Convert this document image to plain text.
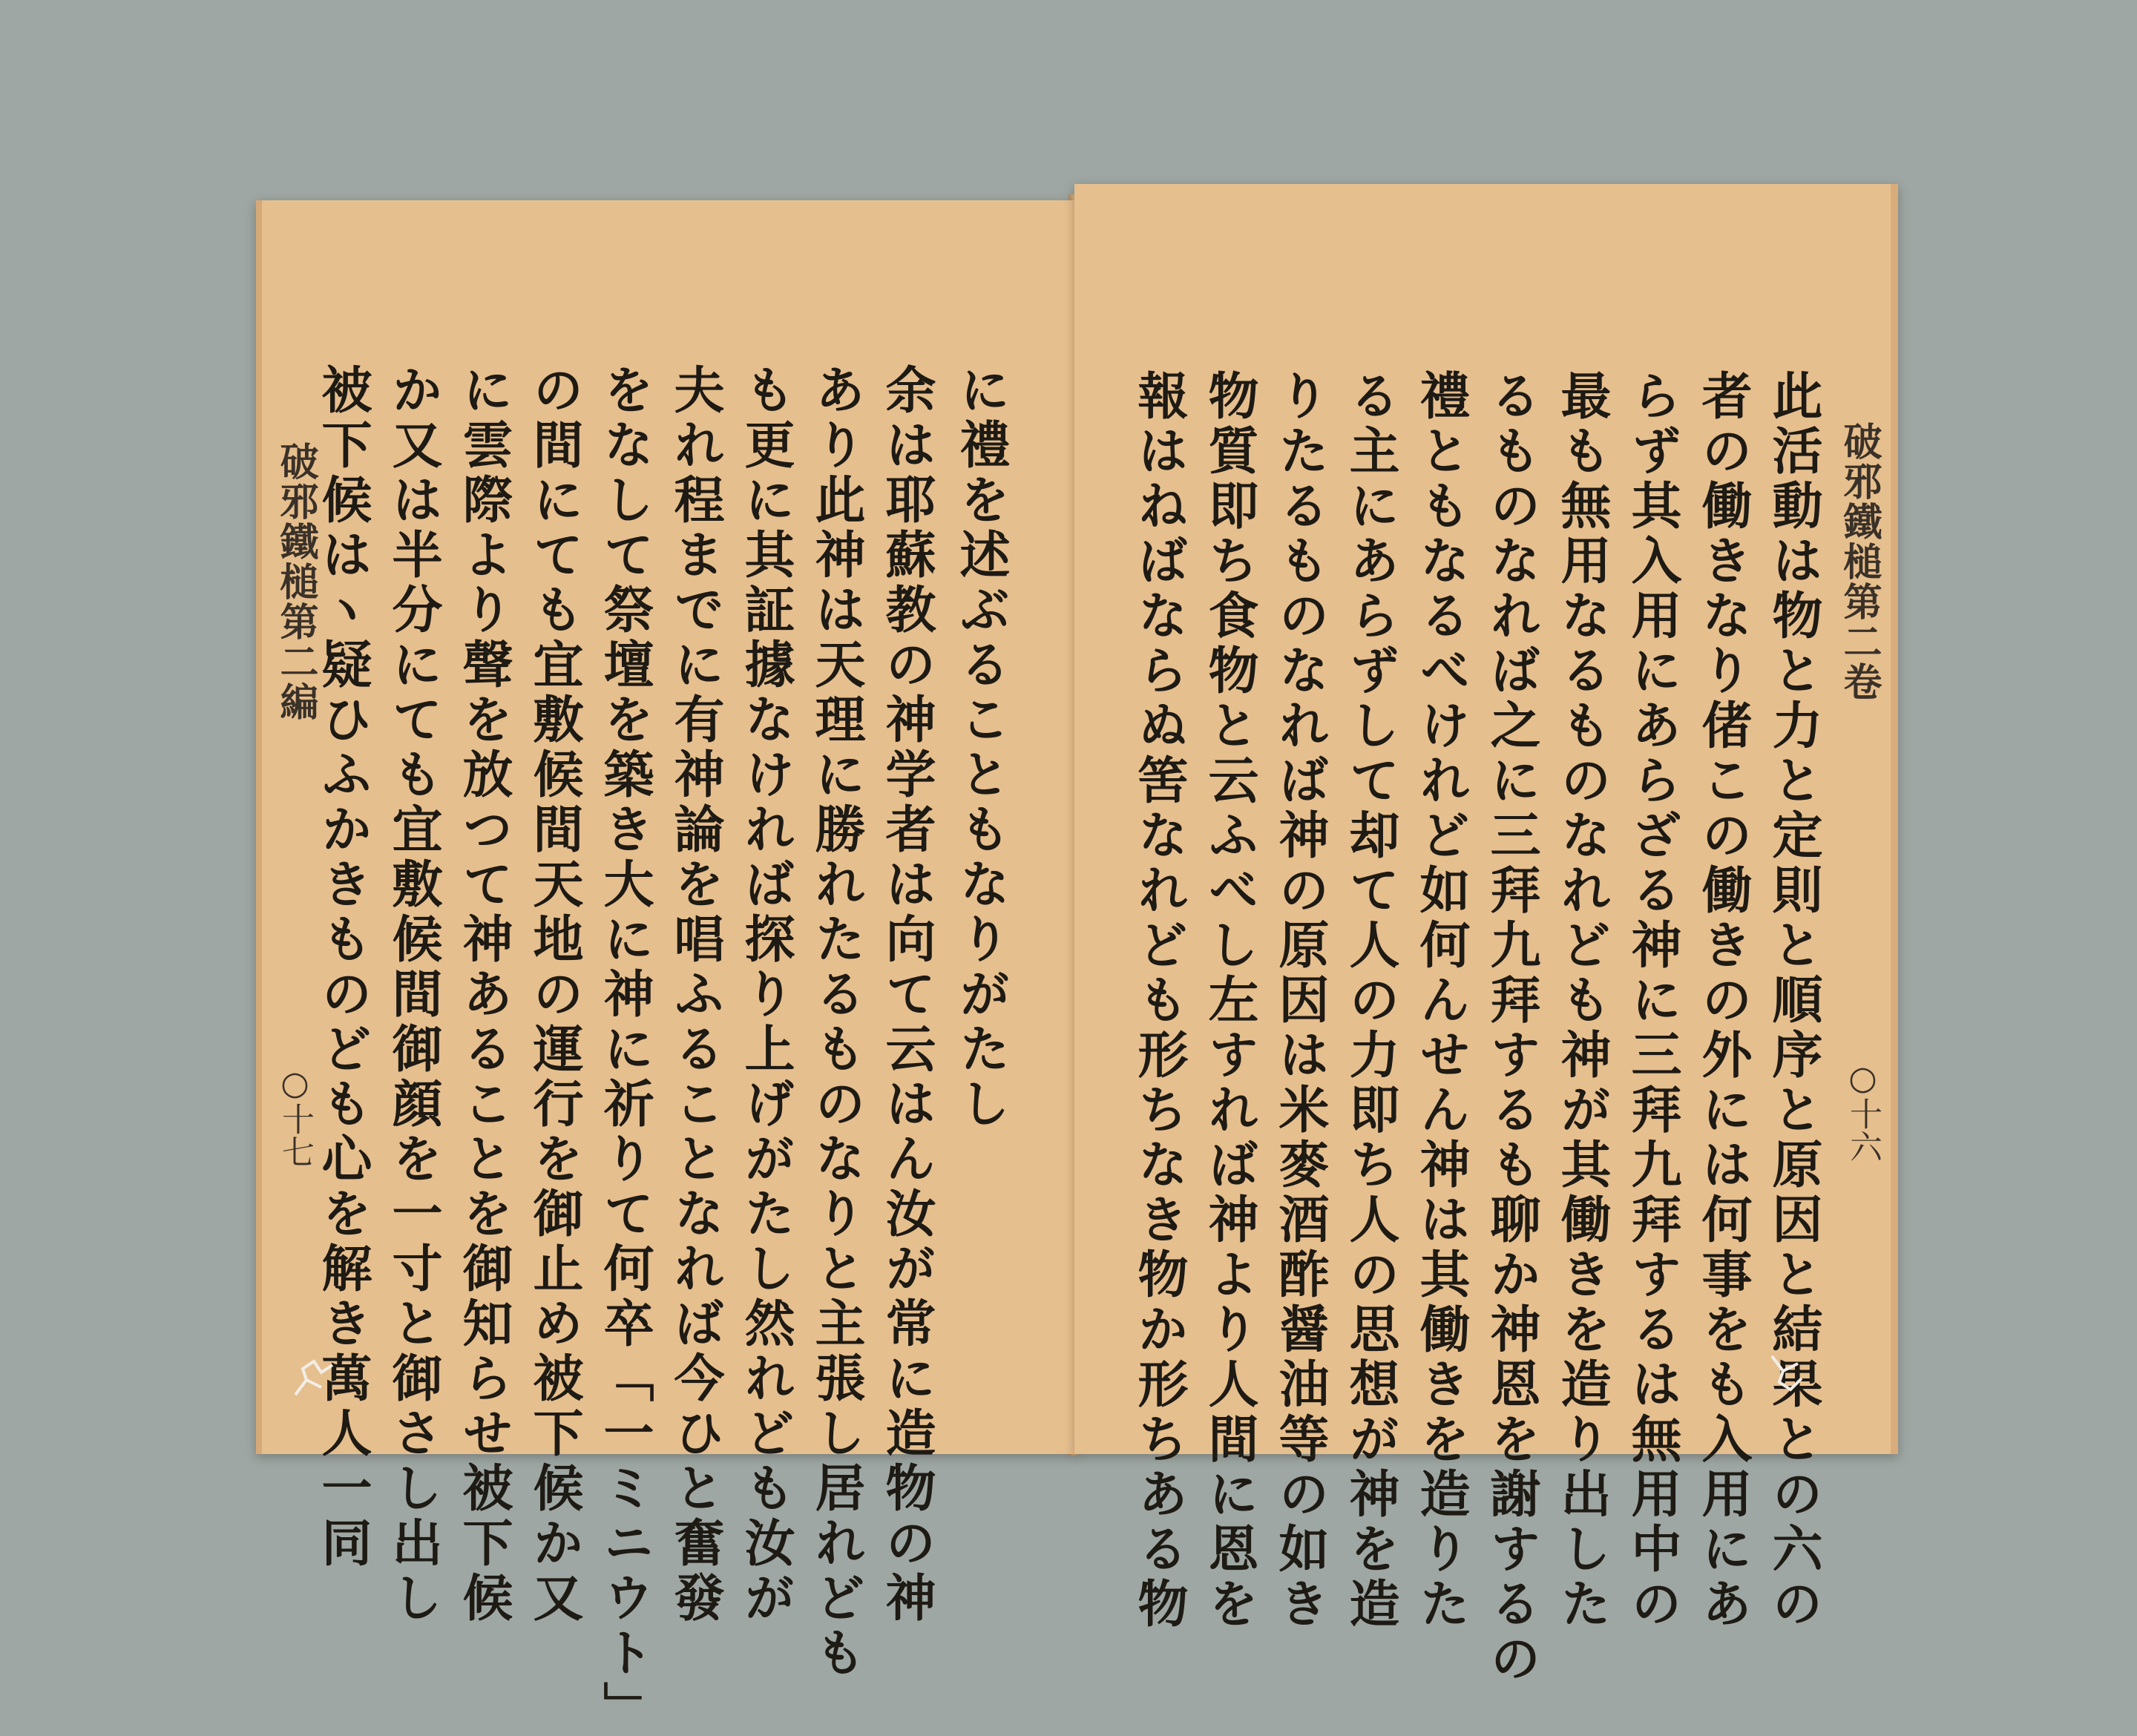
破邪鐵槌第二編
○十七	に禮を述ぶることもなりがたし
余は耶蘇教の神学者は向て云はん汝が常に造物の神
あり此神は天理に勝れたるものなりと主張し居れども
も更に其証據なければ探り上げがたし然れども汝が
夫れ程までに有神論を唱ふることなれば今ひと奮發
をなして祭壇を築き大に神に祈りて何卒「一ミニウト」
の間にても宜敷候間天地の運行を御止め被下候か又
に雲際より聲を放つて神あることを御知らせ被下候
か又は半分にても宜敷候間御顔を一寸と御さし出し
被下候はヽ疑ひふかきものども心を解き萬人一同	破邪鐵槌第二卷
○十六
此活動は物と力と定則と順序と原因と結果との六の
者の働きなり偖この働きの外には何事をも入用にあ
らず其入用にあらざる神に三拜九拜するは無用中の
最も無用なるものなれども神が其働きを造り出した
るものなれば之に三拜九拜するも聊か神恩を謝するの
禮ともなるべけれど如何んせん神は其働きを造りた
る主にあらずして却て人の力即ち人の思想が神を造
りたるものなれば神の原因は米麥酒酢醤油等の如き
物質即ち食物と云ふべし左すれば神より人間に恩を
報はねばならぬ筈なれども形ちなき物か形ちある物
